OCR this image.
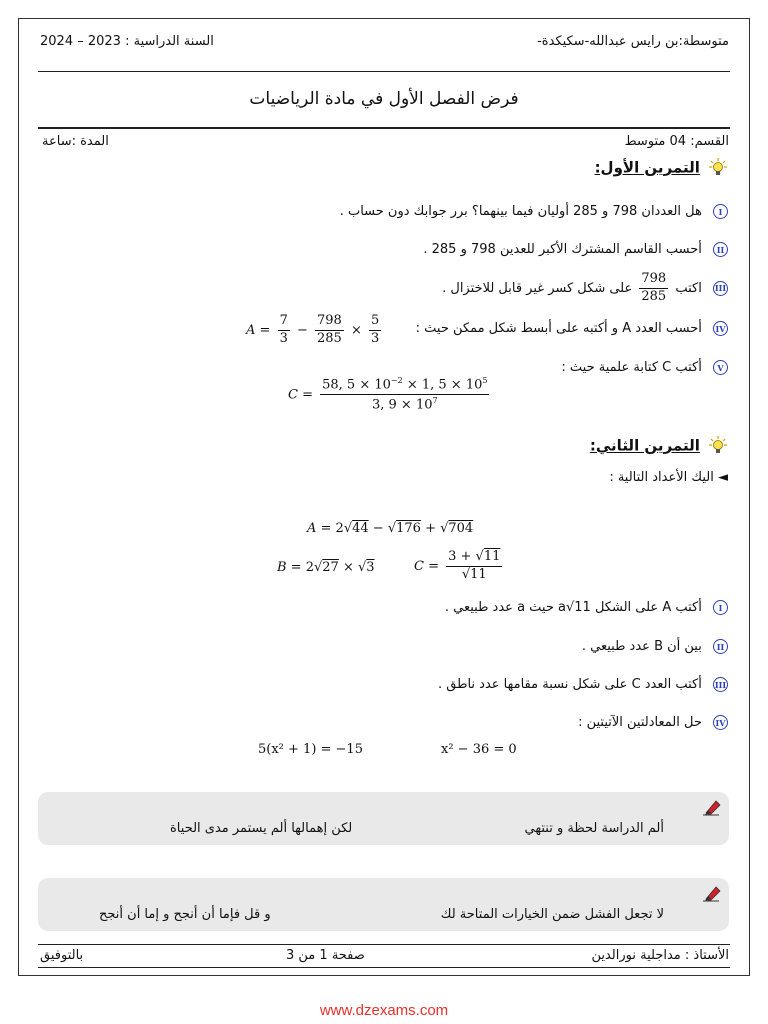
متوسطة:بن رايس عبدالله-سكيكدة-
السنة الدراسية : 2023 – 2024
فرض الفصل الأول في مادة الرياضيات
القسم: 04 متوسط
المدة :ساعة
التمرين الأول:
I هل العددان 798 و 285 أوليان فيما بينهما؟ برر جوابك دون حساب .
II أحسب القاسم المشترك الأكبر للعدين 798 و 285 .
III اكتب
$\frac{798}{285}$
على شكل كسر غير قابل للاختزال .
IV أحسب العدد A و أكتبه على أبسط شكل ممكن حيث :
$A = \frac{7}{3} - \frac{798}{285} \times \frac{5}{3}$
V أكتب C كتابة علمية حيث :
$C = \frac{58, 5 \times 10^{-2} \times 1, 5 \times 10^5}{3, 9 \times 10^7}$
التمرين الثاني:
◄ اليك الأعداد التالية :
A = 2√44 − √176 + √704
B = 2√27 × √3	$C = \frac{3 + √11}{√11}$
I أكتب A على الشكل a√11 حيث a عدد طبيعي .
II بين أن B عدد طبيعي .
III أكتب العدد C على شكل نسبة مقامها عدد ناطق .
IV حل المعادلتين الآتيتين :
5(x² + 1) = −15	x² − 36 = 0
ألم الدراسة لحظة و تنتهي
لكن إهمالها ألم يستمر مدى الحياة
لا تجعل الفشل ضمن الخيارات المتاحة لك
و قل فإما أن أنجح و إما أن أنجح
الأستاذ : مداجلية نورالدين
صفحة 1 من 3
بالتوفيق
www.dzexams.com
